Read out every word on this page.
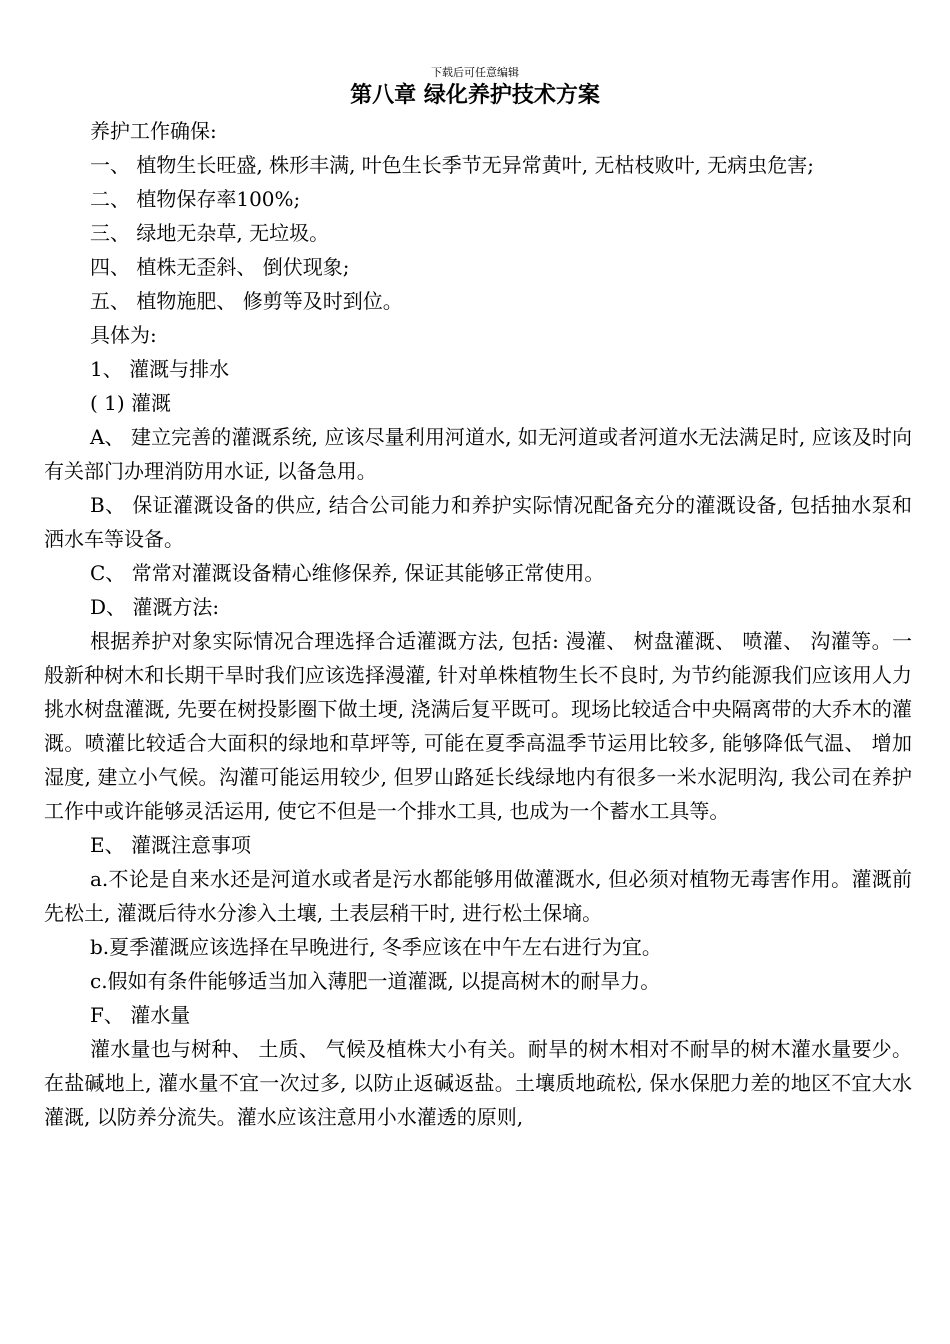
下载后可任意编辑
第八章 绿化养护技术方案

养护工作确保:

一、 植物生长旺盛, 株形丰满, 叶色生长季节无异常黄叶, 无枯枝败叶, 无病虫危害;

二、 植物保存率100%;

三、 绿地无杂草, 无垃圾。

四、 植株无歪斜、 倒伏现象;

五、 植物施肥、 修剪等及时到位。

具体为:

1、 灌溉与排水

( 1) 灌溉

A、 建立完善的灌溉系统, 应该尽量利用河道水, 如无河道或者河道水无法满足时, 应该及时向有关部门办理消防用水证, 以备急用。

B、 保证灌溉设备的供应, 结合公司能力和养护实际情况配备充分的灌溉设备, 包括抽水泵和洒水车等设备。

C、 常常对灌溉设备精心维修保养, 保证其能够正常使用。

D、 灌溉方法:

根据养护对象实际情况合理选择合适灌溉方法, 包括: 漫灌、 树盘灌溉、 喷灌、 沟灌等。一般新种树木和长期干旱时我们应该选择漫灌, 针对单株植物生长不良时, 为节约能源我们应该用人力挑水树盘灌溉, 先要在树投影圈下做土埂, 浇满后复平既可。现场比较适合中央隔离带的大乔木的灌溉。喷灌比较适合大面积的绿地和草坪等, 可能在夏季高温季节运用比较多, 能够降低气温、 增加湿度, 建立小气候。沟灌可能运用较少, 但罗山路延长线绿地内有很多一米水泥明沟, 我公司在养护工作中或许能够灵活运用, 使它不但是一个排水工具, 也成为一个蓄水工具等。

E、 灌溉注意事项

a.不论是自来水还是河道水或者是污水都能够用做灌溉水, 但必须对植物无毒害作用。灌溉前先松土, 灌溉后待水分渗入土壤, 土表层稍干时, 进行松土保墒。

b.夏季灌溉应该选择在早晚进行, 冬季应该在中午左右进行为宜。

c.假如有条件能够适当加入薄肥一道灌溉, 以提高树木的耐旱力。

F、 灌水量

灌水量也与树种、 土质、 气候及植株大小有关。耐旱的树木相对不耐旱的树木灌水量要少。在盐碱地上, 灌水量不宜一次过多, 以防止返碱返盐。土壤质地疏松, 保水保肥力差的地区不宜大水灌溉, 以防养分流失。灌水应该注意用小水灌透的原则,
